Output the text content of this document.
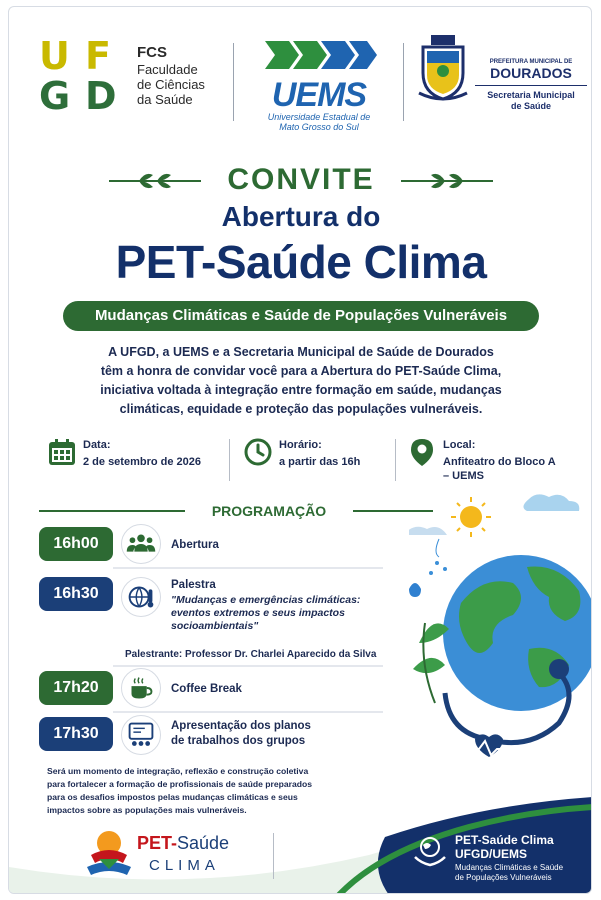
U F
G D
FCS
Faculdade
de Ciências
da Saúde	UEMS
Universidade Estadual de
Mato Grosso do Sul
PREFEITURA MUNICIPAL DE
DOURADOS
Secretaria Municipal
de Saúde
CONVITE
Abertura do
PET-Saúde Clima
Mudanças Climáticas e Saúde de Populações Vulneráveis
A UFGD, a UEMS e a Secretaria Municipal de Saúde de Dourados
têm a honra de convidar você para a Abertura do PET-Saúde Clima,
iniciativa voltada à integração entre formação em saúde, mudanças
climáticas, equidade e proteção das populações vulneráveis.
Data:
2 de setembro de 2026
Horário:
a partir das 16h
Local:
Anfiteatro do Bloco A
– UEMS
PROGRAMAÇÃO
16h00	Abertura
16h30	Palestra
"Mudanças e emergências climáticas:
eventos extremos e seus impactos
socioambientais"
Palestrante: Professor Dr. Charlei Aparecido da Silva
17h20	Coffee Break
17h30	Apresentação dos planos
de trabalhos dos grupos
Será um momento de integração, reflexão e construção coletiva
para fortalecer a formação de profissionais de saúde preparados
para os desafios impostos pelas mudanças climáticas e seus
impactos sobre as populações mais vulneráveis.
PET-Saúde
CLIMA
PET-Saúde Clima
UFGD/UEMS
Mudanças Climáticas e Saúde
de Populações Vulneráveis
